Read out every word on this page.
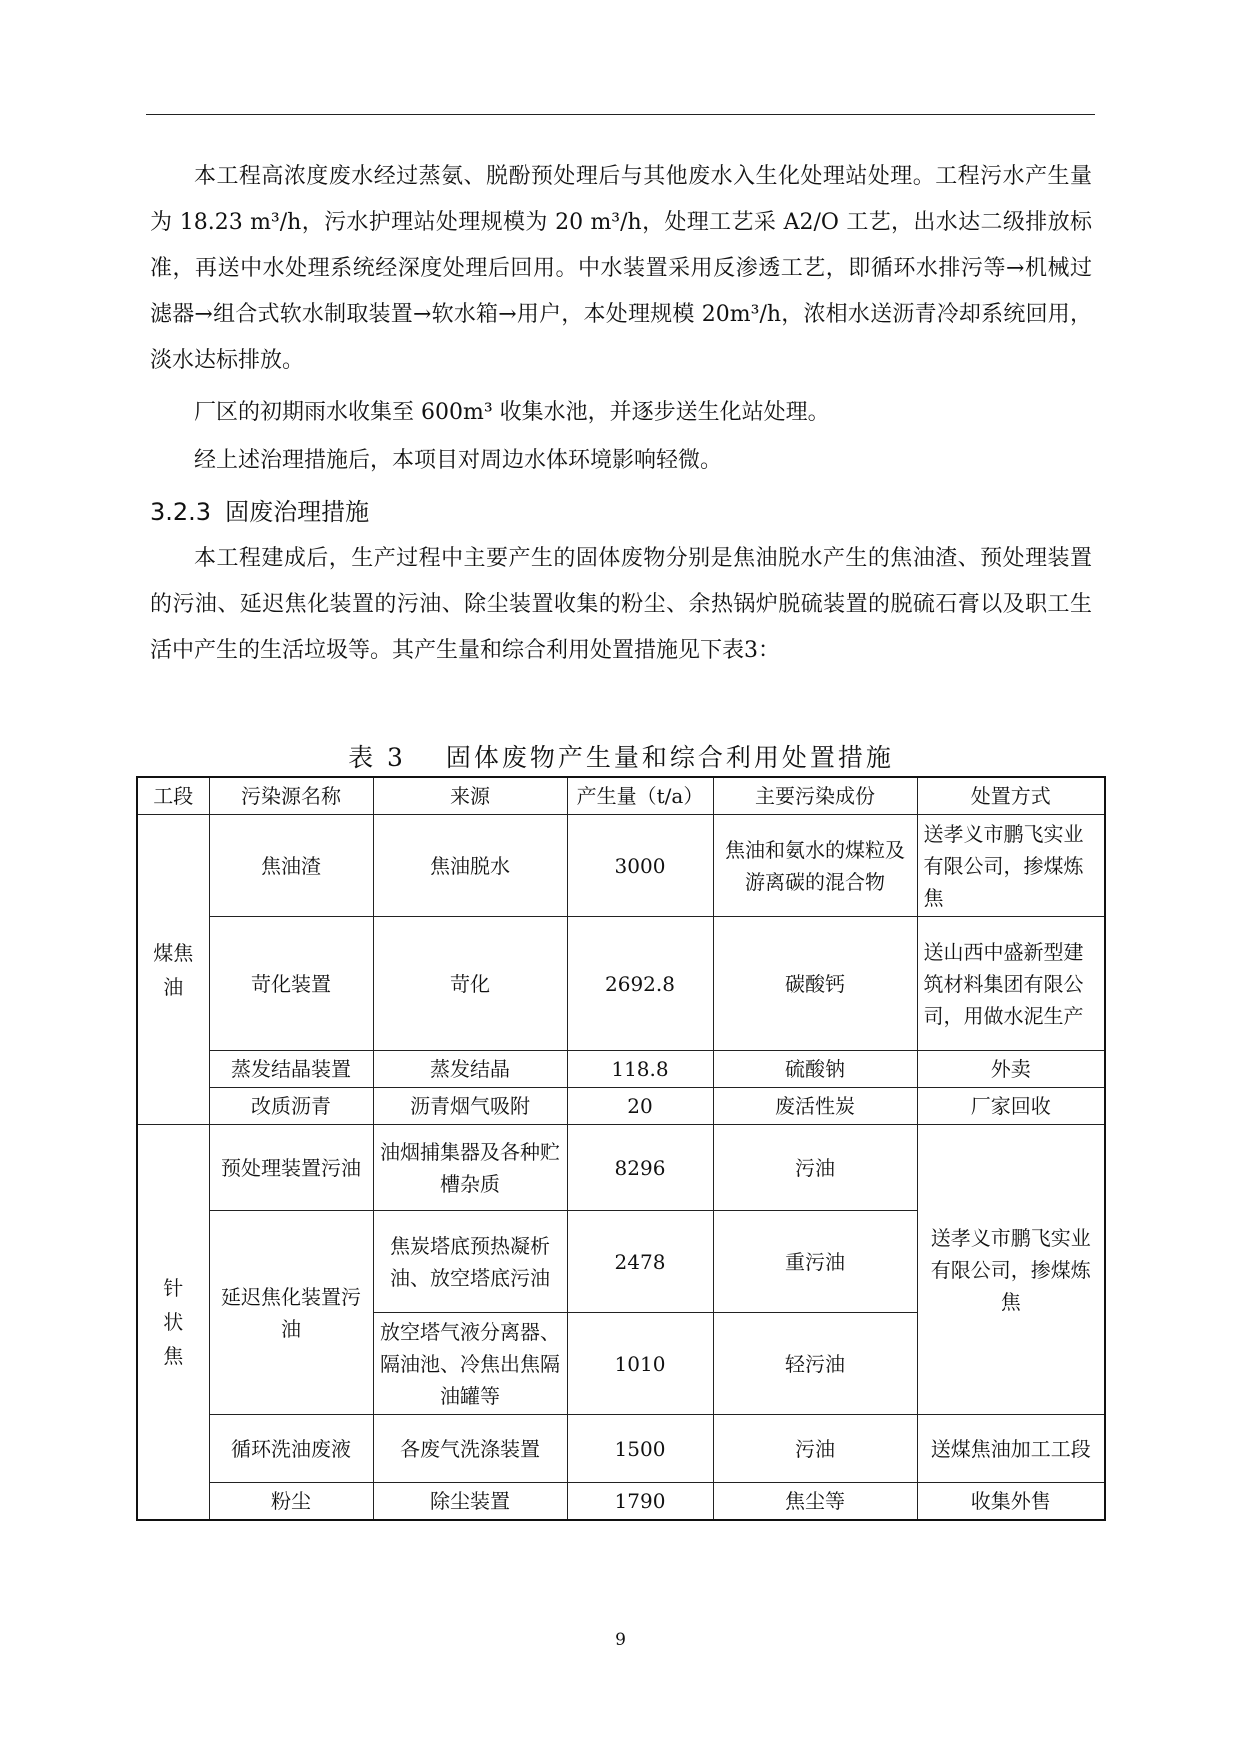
本工程高浓度废水经过蒸氨、脱酚预处理后与其他废水入生化处理站处理。工程污水产生量为 18.23 m³/h，污水护理站处理规模为 20 m³/h，处理工艺采 A2/O 工艺，出水达二级排放标准，再送中水处理系统经深度处理后回用。中水装置采用反渗透工艺，即循环水排污等→机械过滤器→组合式软水制取装置→软水箱→用户，本处理规模 20m³/h，浓相水送沥青冷却系统回用，淡水达标排放。

厂区的初期雨水收集至 600m³ 收集水池，并逐步送生化站处理。

经上述治理措施后，本项目对周边水体环境影响轻微。

3.2.3 固废治理措施

本工程建成后，生产过程中主要产生的固体废物分别是焦油脱水产生的焦油渣、预处理装置的污油、延迟焦化装置的污油、除尘装置收集的粉尘、余热锅炉脱硫装置的脱硫石膏以及职工生活中产生的生活垃圾等。其产生量和综合利用处置措施见下表3：

表 3 固体废物产生量和综合利用处置措施
工段	污染源名称	来源	产生量（t/a）	主要污染成份	处置方式
煤焦油	焦油渣	焦油脱水	3000	焦油和氨水的煤粒及游离碳的混合物	送孝义市鹏飞实业有限公司，掺煤炼焦
	苛化装置	苛化	2692.8	碳酸钙	送山西中盛新型建筑材料集团有限公司，用做水泥生产
	蒸发结晶装置	蒸发结晶	118.8	硫酸钠	外卖
	改质沥青	沥青烟气吸附	20	废活性炭	厂家回收
针状焦	预处理装置污油	油烟捕集器及各种贮槽杂质	8296	污油	送孝义市鹏飞实业有限公司，掺煤炼焦
	延迟焦化装置污油	焦炭塔底预热凝析油、放空塔底污油	2478	重污油	
		放空塔气液分离器、隔油池、冷焦出焦隔油罐等	1010	轻污油	
	循环洗油废液	各废气洗涤装置	1500	污油	送煤焦油加工工段
	粉尘	除尘装置	1790	焦尘等	收集外售
9
